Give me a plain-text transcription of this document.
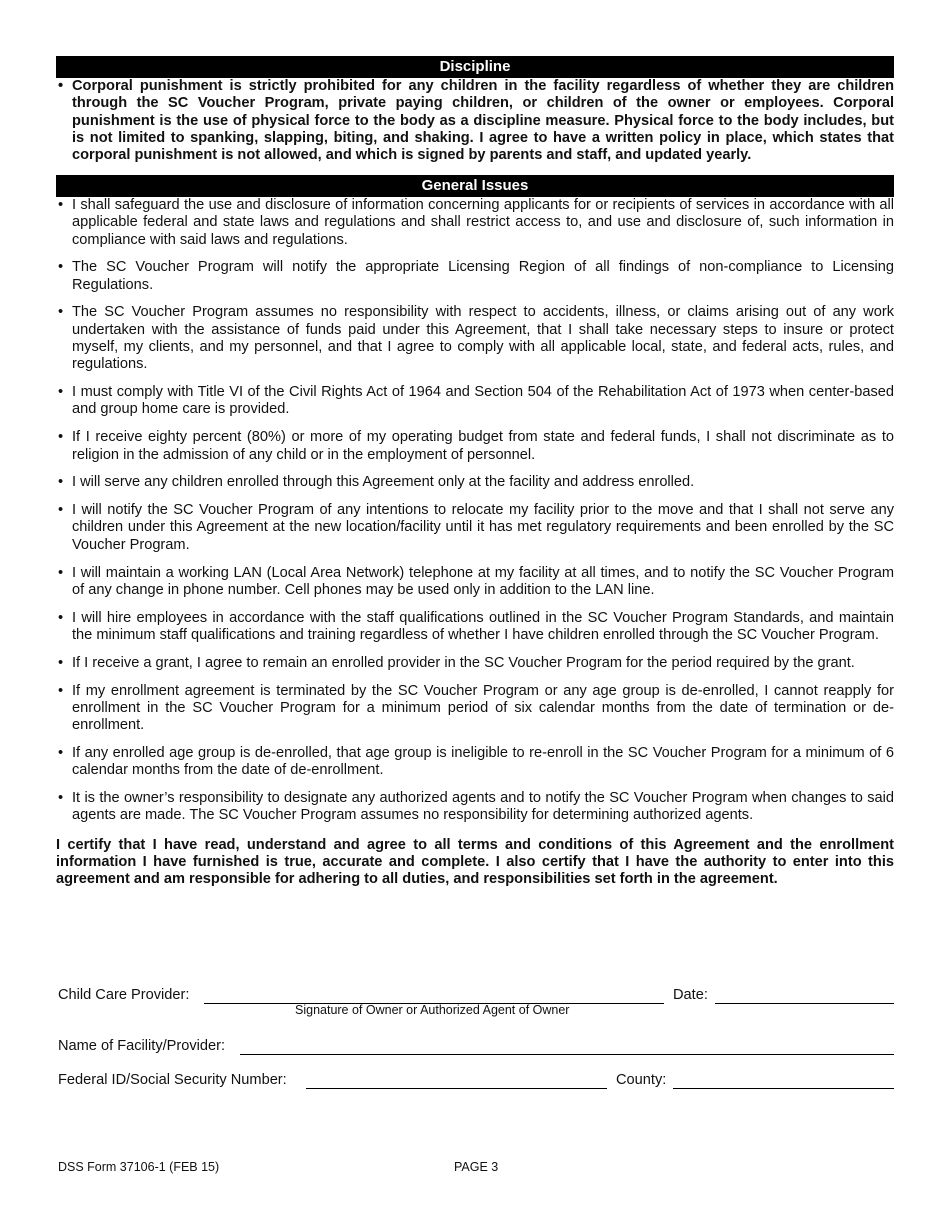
Discipline
• Corporal punishment is strictly prohibited for any children in the facility regardless of whether they are children through the SC Voucher Program, private paying children, or children of the owner or employees. Corporal punishment is the use of physical force to the body as a discipline measure. Physical force to the body includes, but is not limited to spanking, slapping, biting, and shaking. I agree to have a written policy in place, which states that corporal punishment is not allowed, and which is signed by parents and staff, and updated yearly.
General Issues
• I shall safeguard the use and disclosure of information concerning applicants for or recipients of services in accordance with all applicable federal and state laws and regulations and shall restrict access to, and use and disclosure of, such information in compliance with said laws and regulations.
• The SC Voucher Program will notify the appropriate Licensing Region of all findings of non-compliance to Licensing Regulations.
• The SC Voucher Program assumes no responsibility with respect to accidents, illness, or claims arising out of any work undertaken with the assistance of funds paid under this Agreement, that I shall take necessary steps to insure or protect myself, my clients, and my personnel, and that I agree to comply with all applicable local, state, and federal acts, rules, and regulations.
• I must comply with Title VI of the Civil Rights Act of 1964 and Section 504 of the Rehabilitation Act of 1973 when center-based and group home care is provided.
• If I receive eighty percent (80%) or more of my operating budget from state and federal funds, I shall not discriminate as to religion in the admission of any child or in the employment of personnel.
• I will serve any children enrolled through this Agreement only at the facility and address enrolled.
• I will notify the SC Voucher Program of any intentions to relocate my facility prior to the move and that I shall not serve any children under this Agreement at the new location/facility until it has met regulatory requirements and been enrolled by the SC Voucher Program.
• I will maintain a working LAN (Local Area Network) telephone at my facility at all times, and to notify the SC Voucher Program of any change in phone number. Cell phones may be used only in addition to the LAN line.
• I will hire employees in accordance with the staff qualifications outlined in the SC Voucher Program Standards, and maintain the minimum staff qualifications and training regardless of whether I have children enrolled through the SC Voucher Program.
• If I receive a grant, I agree to remain an enrolled provider in the SC Voucher Program for the period required by the grant.
• If my enrollment agreement is terminated by the SC Voucher Program or any age group is de-enrolled, I cannot reapply for enrollment in the SC Voucher Program for a minimum period of six calendar months from the date of termination or de-enrollment.
• If any enrolled age group is de-enrolled, that age group is ineligible to re-enroll in the SC Voucher Program for a minimum of 6 calendar months from the date of de-enrollment.
• It is the owner’s responsibility to designate any authorized agents and to notify the SC Voucher Program when changes to said agents are made. The SC Voucher Program assumes no responsibility for determining authorized agents.
I certify that I have read, understand and agree to all terms and conditions of this Agreement and the enrollment information I have furnished is true, accurate and complete. I also certify that I have the authority to enter into this agreement and am responsible for adhering to all duties, and responsibilities set forth in the agreement.
Child Care Provider:	Date:
Signature of Owner or Authorized Agent of Owner
Name of Facility/Provider:
Federal ID/Social Security Number:	County:
DSS Form 37106-1 (FEB 15)	PAGE 3
